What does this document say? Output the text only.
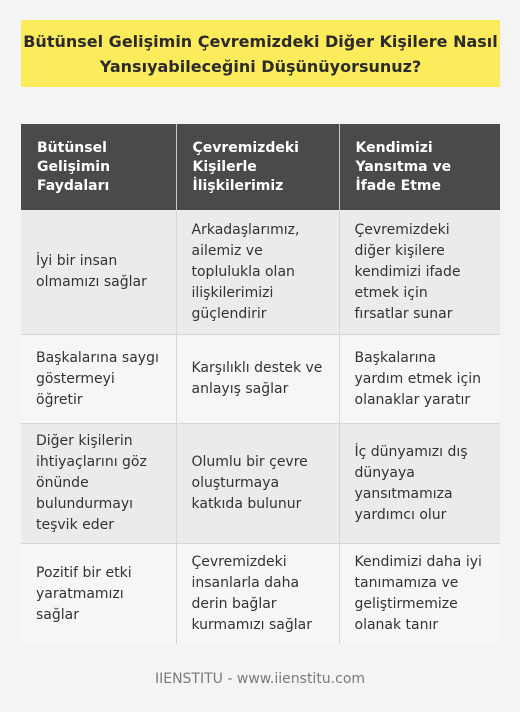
Bütünsel Gelişimin Çevremizdeki Diğer Kişilere Nasıl Yansıyabileceğini Düşünüyorsunuz?
Bütünsel Gelişimin Faydaları	Çevremizdeki Kişilerle İlişkilerimiz	Kendimizi Yansıtma ve İfade Etme
İyi bir insan olmamızı sağlar	Arkadaşlarımız, ailemiz ve toplulukla olan ilişkilerimizi güçlendirir	Çevremizdeki diğer kişilere kendimizi ifade etmek için fırsatlar sunar
Başkalarına saygı göstermeyi öğretir	Karşılıklı destek ve anlayış sağlar	Başkalarına yardım etmek için olanaklar yaratır
Diğer kişilerin ihtiyaçlarını göz önünde bulundurmayı teşvik eder	Olumlu bir çevre oluşturmaya katkıda bulunur	İç dünyamızı dış dünyaya yansıtmamıza yardımcı olur
Pozitif bir etki yaratmamızı sağlar	Çevremizdeki insanlarla daha derin bağlar kurmamızı sağlar	Kendimizi daha iyi tanımamıza ve geliştirmemize olanak tanır
IIENSTITU - www.iienstitu.com
